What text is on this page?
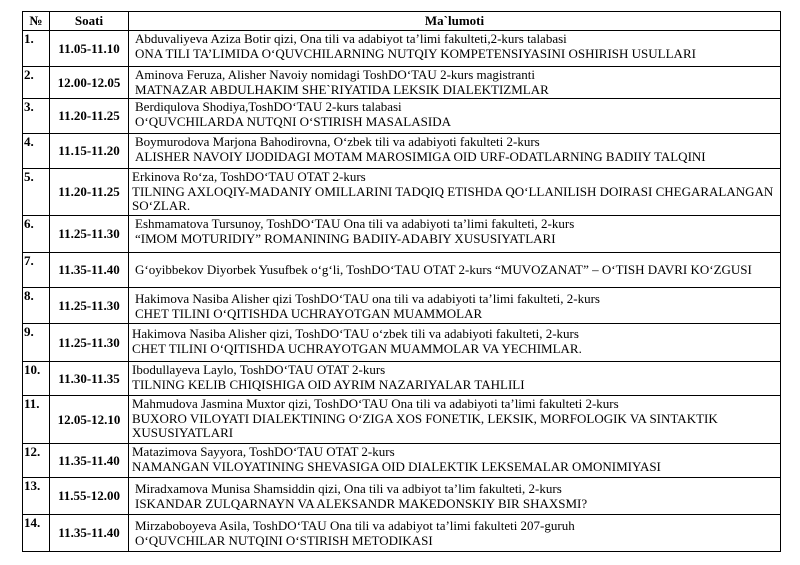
№	Soati	Ma`lumoti
1.	11.05-11.10	Abduvaliyeva Aziza Botir qizi, Ona tili va adabiyot ta’limi fakulteti,2-kurs talabasi
ONA TILI TA’LIMIDA O‘QUVCHILARNING NUTQIY KOMPETENSIYASINI OSHIRISH USULLARI

2.	12.00-12.05	Aminova Feruza, Alisher Navoiy nomidagi ToshDO‘TAU 2-kurs magistranti
MATNAZAR ABDULHAKIM SHE`RIYATIDA LEKSIK DIALEKTIZMLAR

3.	11.20-11.25	Berdiqulova Shodiya,ToshDO‘TAU 2-kurs talabasi
O‘QUVCHILARDA NUTQNI O‘STIRISH MASALASIDA

4.	11.15-11.20	Boymurodova Marjona Bahodirovna, O‘zbek tili va adabiyoti fakulteti 2-kurs
ALISHER NAVOIY IJODIDAGI MOTAM MAROSIMIGA OID URF-ODATLARNING BADIIY TALQINI

5.	11.20-11.25	Erkinova Ro‘za, ToshDO‘TAU OTAT 2-kurs
TILNING AXLOQIY-MADANIY OMILLARINI TADQIQ ETISHDA QO‘LLANILISH DOIRASI CHEGARALANGAN SO‘ZLAR.

6.	11.25-11.30	Eshmamatova Tursunoy, ToshDO‘TAU Ona tili va adabiyoti ta’limi fakulteti, 2-kurs
“IMOM MOTURIDIY” ROMANINING BADIIY-ADABIY XUSUSIYATLARI

7.	11.35-11.40	G‘oyibbekov Diyorbek Yusufbek o‘g‘li, ToshDO‘TAU OTAT 2-kurs “MUVOZANAT” – O‘TISH DAVRI KO‘ZGUSI

8.	11.25-11.30	Hakimova Nasiba Alisher qizi ToshDO‘TAU ona tili va adabiyoti ta’limi fakulteti, 2-kurs
CHET TILINI O‘QITISHDA UCHRAYOTGAN MUAMMOLAR

9.	11.25-11.30	Hakimova Nasiba Alisher qizi, ToshDO‘TAU o‘zbek tili va adabiyoti fakulteti, 2-kurs
CHET TILINI O‘QITISHDA UCHRAYOTGAN MUAMMOLAR VA YECHIMLAR.

10.	11.30-11.35	Ibodullayeva Laylo, ToshDO‘TAU OTAT 2-kurs
TILNING KELIB CHIQISHIGA OID AYRIM NAZARIYALAR TAHLILI

11.	12.05-12.10	Mahmudova Jasmina Muxtor qizi, ToshDO‘TAU Ona tili va adabiyoti ta’limi fakulteti 2-kurs
BUXORO VILOYATI DIALEKTINING O‘ZIGA XOS FONETIK, LEKSIK, MORFOLOGIK VA SINTAKTIK XUSUSIYATLARI

12.	11.35-11.40	Matazimova Sayyora, ToshDO‘TAU OTAT 2-kurs
NAMANGAN VILOYATINING SHEVASIGA OID DIALEKTIK LEKSEMALAR OMONIMIYASI

13.	11.55-12.00	Miradxamova Munisa Shamsiddin qizi, Ona tili va adbiyot ta’lim fakulteti, 2-kurs
ISKANDAR ZULQARNAYN VA ALEKSANDR MAKEDONSKIY BIR SHAXSMI?

14.	11.35-11.40	Mirzaboboyeva Asila, ToshDO‘TAU Ona tili va adabiyot ta’limi fakulteti 207-guruh
O‘QUVCHILAR NUTQINI O‘STIRISH METODIKASI
